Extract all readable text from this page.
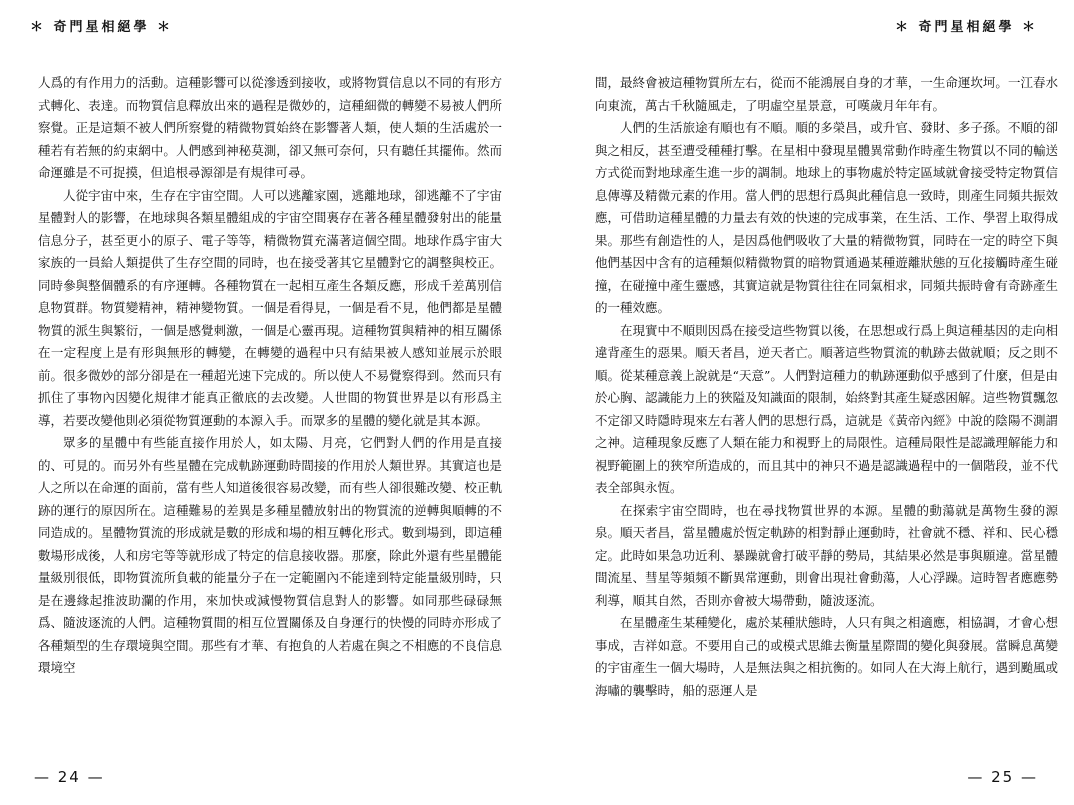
＊ 奇門星相絕學 ＊

人爲的有作用力的活動。這種影響可以從滲透到接收，或將物質信息以不同的有形方式轉化、表達。而物質信息釋放出來的過程是微妙的，這種細微的轉變不易被人們所察覺。正是這類不被人們所察覺的精微物質始終在影響著人類，使人類的生活處於一種若有若無的約束網中。人們感到神秘莫測，卻又無可奈何，只有聽任其擺佈。然而命運雖是不可捉摸，但追根尋源卻是有規律可尋。

人從宇宙中來，生存在宇宙空間。人可以逃離家園，逃離地球，卻逃離不了宇宙星體對人的影響，在地球與各類星體組成的宇宙空間裏存在著各種星體發射出的能量信息分子，甚至更小的原子、電子等等，精微物質充滿著這個空間。地球作爲宇宙大家族的一員給人類提供了生存空間的同時，也在接受著其它星體對它的調整與校正。同時參與整個體系的有序運轉。各種物質在一起相互產生各類反應，形成千差萬別信息物質群。物質變精神，精神變物質。一個是看得見，一個是看不見，他們都是星體物質的派生與繁衍，一個是感覺刺激，一個是心靈再現。這種物質與精神的相互關係在一定程度上是有形與無形的轉變，在轉變的過程中只有結果被人感知並展示於眼前。很多微妙的部分卻是在一種超光速下完成的。所以使人不易覺察得到。然而只有抓住了事物內因變化規律才能真正徹底的去改變。人世間的物質世界是以有形爲主導，若要改變他則必須從物質運動的本源入手。而眾多的星體的變化就是其本源。

眾多的星體中有些能直接作用於人，如太陽、月亮，它們對人們的作用是直接的、可見的。而另外有些星體在完成軌跡運動時間接的作用於人類世界。其實這也是人之所以在命運的面前，當有些人知道後很容易改變，而有些人卻很難改變、校正軌跡的運行的原因所在。這種難易的差異是多種星體放射出的物質流的逆轉與順轉的不同造成的。星體物質流的形成就是數的形成和場的相互轉化形式。數到場到，即這種數場形成後，人和房宅等等就形成了特定的信息接收器。那麼，除此外還有些星體能量級別很低，即物質流所負載的能量分子在一定範圍內不能達到特定能量級別時，只是在邊緣起推波助瀾的作用，來加快或減慢物質信息對人的影響。如同那些碌碌無爲、隨波逐流的人們。這種物質間的相互位置關係及自身運行的快慢的同時亦形成了各種類型的生存環境與空間。那些有才華、有抱負的人若處在與之不相應的不良信息環境空

— 24 —
＊ 奇門星相絕學 ＊

間，最終會被這種物質所左右，從而不能鴻展自身的才華，一生命運坎坷。一江春水向東流，萬古千秋隨風走，了明虛空星景意，可嘆歲月年年有。

人們的生活旅途有順也有不順。順的多榮昌，或升官、發財、多子孫。不順的卻與之相反，甚至遭受種種打擊。在星相中發現星體異常動作時產生物質以不同的輸送方式從而對地球產生進一步的調制。地球上的事物處於特定區域就會接受特定物質信息傳導及精微元素的作用。當人們的思想行爲與此種信息一致時，則產生同頻共振效應，可借助這種星體的力量去有效的快速的完成事業，在生活、工作、學習上取得成果。那些有創造性的人，是因爲他們吸收了大量的精微物質，同時在一定的時空下與他們基因中含有的這種類似精微物質的暗物質通過某種遊離狀態的互化接觸時產生碰撞，在碰撞中產生靈感，其實這就是物質往往在同氣相求，同頻共振時會有奇跡產生的一種效應。

在現實中不順則因爲在接受這些物質以後，在思想或行爲上與這種基因的走向相違背產生的惡果。順天者昌，逆天者亡。順著這些物質流的軌跡去做就順；反之則不順。從某種意義上說就是“天意”。人們對這種力的軌跡運動似乎感到了什麼，但是由於心胸、認識能力上的狹隘及知識面的限制，始終對其產生疑惑困解。這些物質飄忽不定卻又時隱時現來左右著人們的思想行爲，這就是《黃帝內經》中說的陰陽不測謂之神。這種現象反應了人類在能力和視野上的局限性。這種局限性是認識理解能力和視野範圍上的狹窄所造成的，而且其中的神只不過是認識過程中的一個階段，並不代表全部與永恆。

在探索宇宙空間時，也在尋找物質世界的本源。星體的動蕩就是萬物生發的源泉。順天者昌，當星體處於恆定軌跡的相對靜止運動時，社會就不穩、祥和、民心穩定。此時如果急功近利、暴躁就會打破平靜的勢局，其結果必然是事與願違。當星體間流星、彗星等頻頻不斷異常運動，則會出現社會動蕩，人心浮躁。這時智者應應勢利導，順其自然，否則亦會被大場帶動，隨波逐流。

在星體產生某種變化，處於某種狀態時，人只有與之相適應，相協調，才會心想事成，吉祥如意。不要用自己的或模式思維去衡量星際間的變化與發展。當瞬息萬變的宇宙產生一個大場時，人是無法與之相抗衡的。如同人在大海上航行，遇到颱風或海嘯的襲擊時，船的惡運人是

— 25 —
